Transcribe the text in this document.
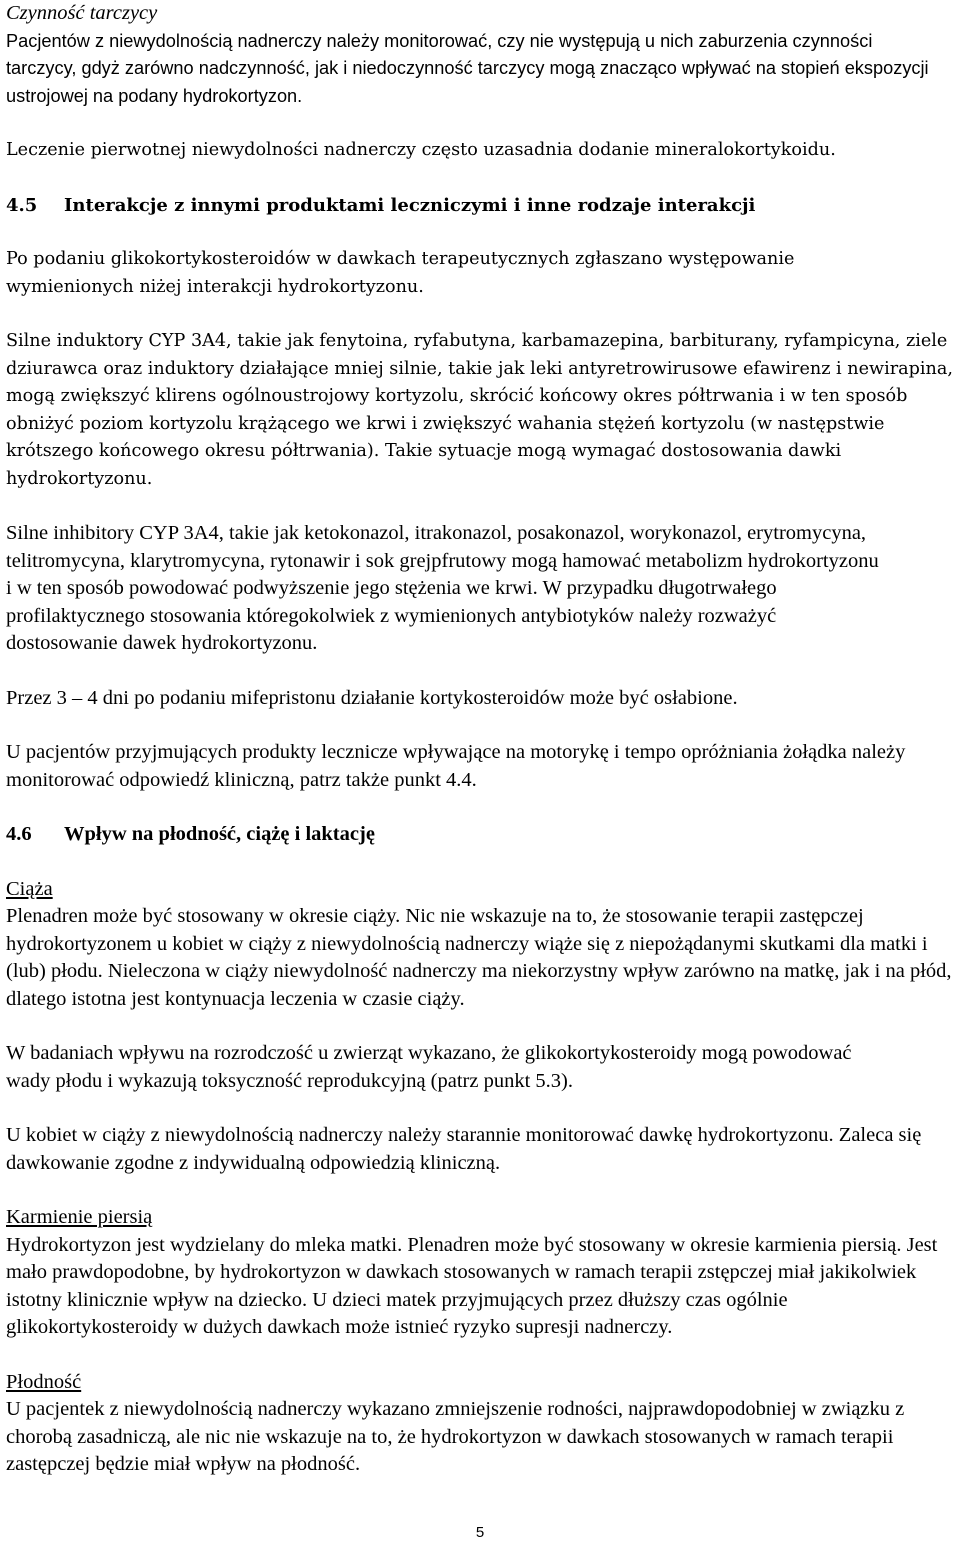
Czynność tarczycy

Pacjentów z niewydolnością nadnerczy należy monitorować, czy nie występują u nich zaburzenia czynności tarczycy, gdyż zarówno nadczynność, jak i niedoczynność tarczycy mogą znacząco wpływać na stopień ekspozycji ustrojowej na podany hydrokortyzon.

Leczenie pierwotnej niewydolności nadnerczy często uzasadnia dodanie mineralokortykoidu.

4.5	Interakcje z innymi produktami leczniczymi i inne rodzaje interakcji

Po podaniu glikokortykosteroidów w dawkach terapeutycznych zgłaszano występowanie wymienionych niżej interakcji hydrokortyzonu.

Silne induktory CYP 3A4, takie jak fenytoina, ryfabutyna, karbamazepina, barbiturany, ryfampicyna, ziele dziurawca oraz induktory działające mniej silnie, takie jak leki antyretrowirusowe efawirenz i newirapina, mogą zwiększyć klirens ogólnoustrojowy kortyzolu, skrócić końcowy okres półtrwania i w ten sposób obniżyć poziom kortyzolu krążącego we krwi i zwiększyć wahania stężeń kortyzolu (w następstwie krótszego końcowego okresu półtrwania). Takie sytuacje mogą wymagać dostosowania dawki hydrokortyzonu.

Silne inhibitory CYP 3A4, takie jak ketokonazol, itrakonazol, posakonazol, worykonazol, erytromycyna, telitromycyna, klarytromycyna, rytonawir i sok grejpfrutowy mogą hamować metabolizm hydrokortyzonu i w ten sposób powodować podwyższenie jego stężenia we krwi. W przypadku długotrwałego profilaktycznego stosowania któregokolwiek z wymienionych antybiotyków należy rozważyć dostosowanie dawek hydrokortyzonu.

Przez 3 – 4 dni po podaniu mifepristonu działanie kortykosteroidów może być osłabione.

U pacjentów przyjmujących produkty lecznicze wpływające na motorykę i tempo opróżniania żołądka należy monitorować odpowiedź kliniczną, patrz także punkt 4.4.

4.6	Wpływ na płodność, ciążę i laktację

Ciąża

Plenadren może być stosowany w okresie ciąży. Nic nie wskazuje na to, że stosowanie terapii zastępczej hydrokortyzonem u kobiet w ciąży z niewydolnością nadnerczy wiąże się z niepożądanymi skutkami dla matki i (lub) płodu. Nieleczona w ciąży niewydolność nadnerczy ma niekorzystny wpływ zarówno na matkę, jak i na płód, dlatego istotna jest kontynuacja leczenia w czasie ciąży.

W badaniach wpływu na rozrodczość u zwierząt wykazano, że glikokortykosteroidy mogą powodować wady płodu i wykazują toksyczność reprodukcyjną (patrz punkt 5.3).

U kobiet w ciąży z niewydolnością nadnerczy należy starannie monitorować dawkę hydrokortyzonu. Zaleca się dawkowanie zgodne z indywidualną odpowiedzią kliniczną.

Karmienie piersią

Hydrokortyzon jest wydzielany do mleka matki. Plenadren może być stosowany w okresie karmienia piersią. Jest mało prawdopodobne, by hydrokortyzon w dawkach stosowanych w ramach terapii zstępczej miał jakikolwiek istotny klinicznie wpływ na dziecko. U dzieci matek przyjmujących przez dłuższy czas ogólnie glikokortykosteroidy w dużych dawkach może istnieć ryzyko supresji nadnerczy.

Płodność

U pacjentek z niewydolnością nadnerczy wykazano zmniejszenie rodności, najprawdopodobniej w związku z chorobą zasadniczą, ale nic nie wskazuje na to, że hydrokortyzon w dawkach stosowanych w ramach terapii zastępczej będzie miał wpływ na płodność.

5
